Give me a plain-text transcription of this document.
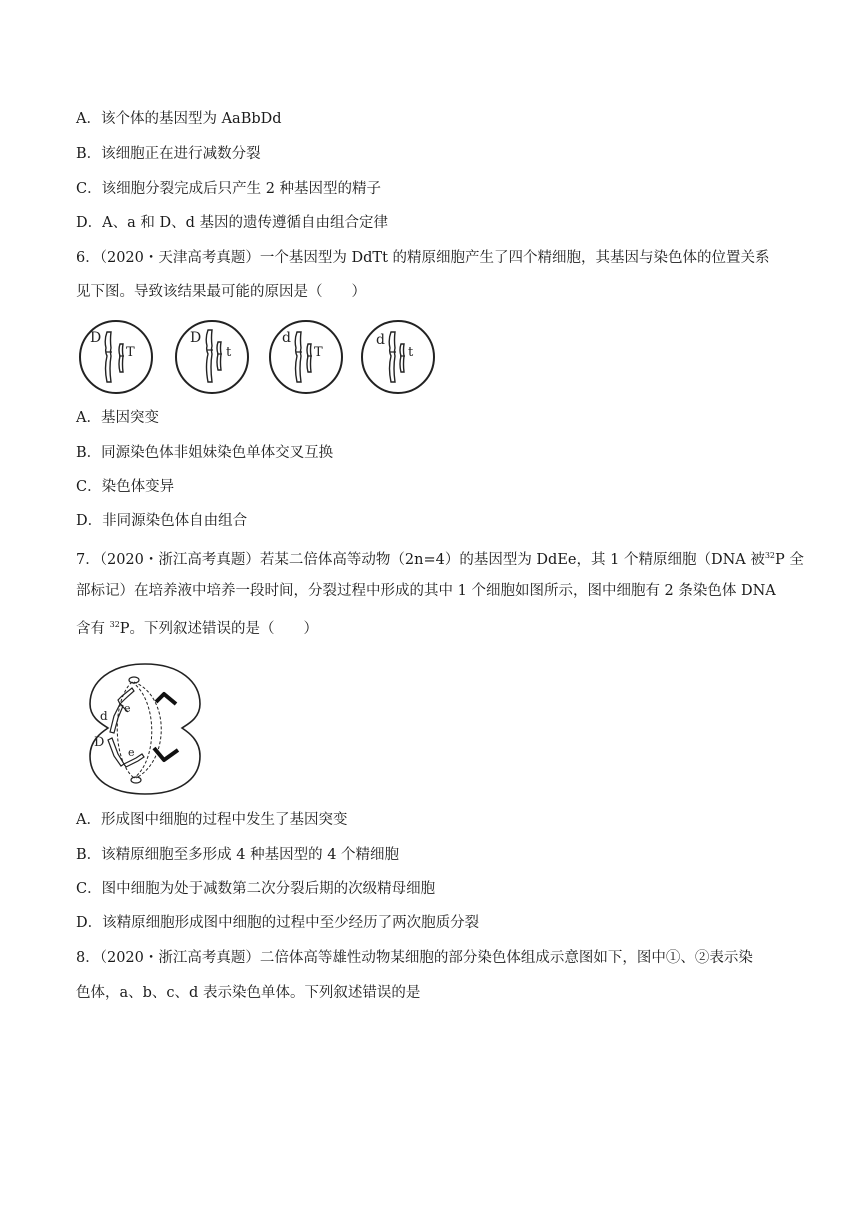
A．该个体的基因型为 AaBbDd
B．该细胞正在进行减数分裂
C．该细胞分裂完成后只产生 2 种基因型的精子
D．A、a 和 D、d 基因的遗传遵循自由组合定律
6．（2020・天津高考真题）一个基因型为 DdTt 的精原细胞产生了四个精细胞，其基因与染色体的位置关系
见下图。导致该结果最可能的原因是（　　）
D
T
D
t
d
T
d
t
A．基因突变
B．同源染色体非姐妹染色单体交叉互换
C．染色体变异
D．非同源染色体自由组合
7．（2020・浙江高考真题）若某二倍体高等动物（2n=4）的基因型为 DdEe，其 1 个精原细胞（DNA 被$^{32}$P 全
部标记）在培养液中培养一段时间，分裂过程中形成的其中 1 个细胞如图所示，图中细胞有 2 条染色体 DNA
含有 $^{32}$P。下列叙述错误的是（　　）
d
D
e
e
A．形成图中细胞的过程中发生了基因突变
B．该精原细胞至多形成 4 种基因型的 4 个精细胞
C．图中细胞为处于减数第二次分裂后期的次级精母细胞
D．该精原细胞形成图中细胞的过程中至少经历了两次胞质分裂
8．（2020・浙江高考真题）二倍体高等雄性动物某细胞的部分染色体组成示意图如下，图中①、②表示染
色体，a、b、c、d 表示染色单体。下列叙述错误的是
